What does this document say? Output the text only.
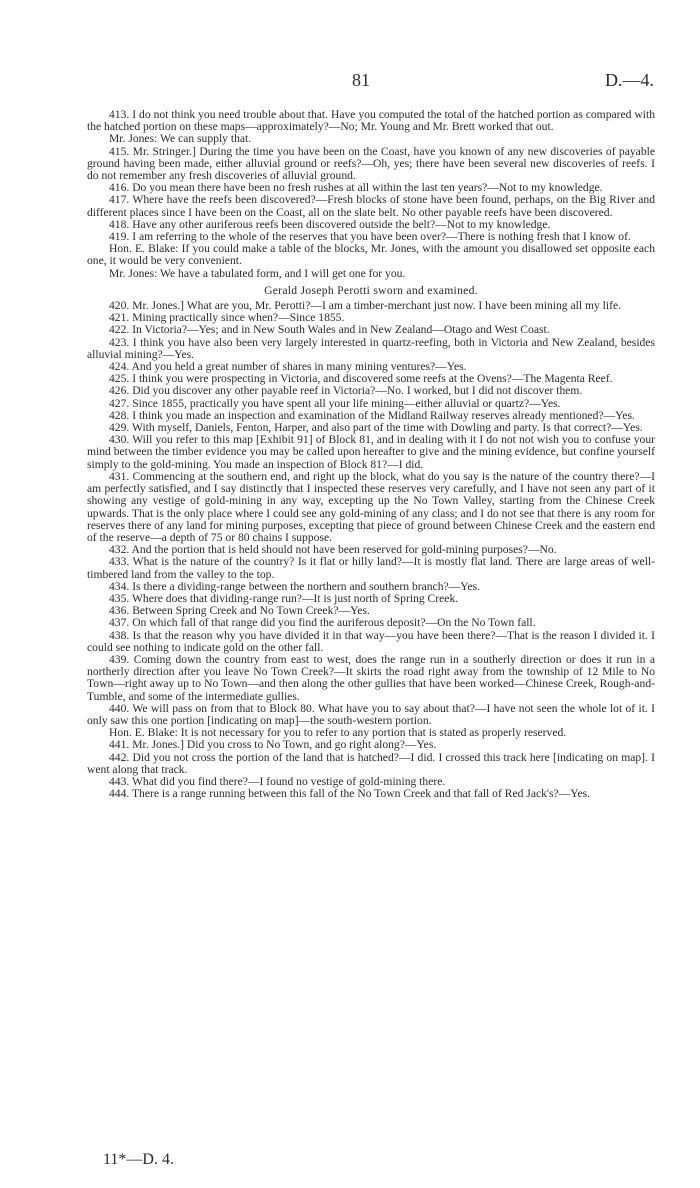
81	D.—4.

413. I do not think you need trouble about that. Have you computed the total of the hatched portion as compared with the hatched portion on these maps—approximately?—No; Mr. Young and Mr. Brett worked that out.

Mr. Jones: We can supply that.

415. Mr. Stringer.] During the time you have been on the Coast, have you known of any new discoveries of payable ground having been made, either alluvial ground or reefs?—Oh, yes; there have been several new discoveries of reefs. I do not remember any fresh discoveries of alluvial ground.

416. Do you mean there have been no fresh rushes at all within the last ten years?—Not to my knowledge.

417. Where have the reefs been discovered?—Fresh blocks of stone have been found, perhaps, on the Big River and different places since I have been on the Coast, all on the slate belt. No other payable reefs have been discovered.

418. Have any other auriferous reefs been discovered outside the belt?—Not to my knowledge.

419. I am referring to the whole of the reserves that you have been over?—There is nothing fresh that I know of.

Hon. E. Blake: If you could make a table of the blocks, Mr. Jones, with the amount you disallowed set opposite each one, it would be very convenient.

Mr. Jones: We have a tabulated form, and I will get one for you.

Gerald Joseph Perotti sworn and examined.

420. Mr. Jones.] What are you, Mr. Perotti?—I am a timber-merchant just now. I have been mining all my life.

421. Mining practically since when?—Since 1855.

422. In Victoria?—Yes; and in New South Wales and in New Zealand—Otago and West Coast.

423. I think you have also been very largely interested in quartz-reefing, both in Victoria and New Zealand, besides alluvial mining?—Yes.

424. And you held a great number of shares in many mining ventures?—Yes.

425. I think you were prospecting in Victoria, and discovered some reefs at the Ovens?—The Magenta Reef.

426. Did you discover any other payable reef in Victoria?—No. I worked, but I did not discover them.

427. Since 1855, practically you have spent all your life mining—either alluvial or quartz?—Yes.

428. I think you made an inspection and examination of the Midland Railway reserves already mentioned?—Yes.

429. With myself, Daniels, Fenton, Harper, and also part of the time with Dowling and party. Is that correct?—Yes.

430. Will you refer to this map [Exhibit 91] of Block 81, and in dealing with it I do not not wish you to confuse your mind between the timber evidence you may be called upon hereafter to give and the mining evidence, but confine yourself simply to the gold-mining. You made an inspection of Block 81?—I did.

431. Commencing at the southern end, and right up the block, what do you say is the nature of the country there?—I am perfectly satisfied, and I say distinctly that I inspected these reserves very carefully, and I have not seen any part of it showing any vestige of gold-mining in any way, excepting up the No Town Valley, starting from the Chinese Creek upwards. That is the only place where I could see any gold-mining of any class; and I do not see that there is any room for reserves there of any land for mining purposes, excepting that piece of ground between Chinese Creek and the eastern end of the reserve—a depth of 75 or 80 chains I suppose.

432. And the portion that is held should not have been reserved for gold-mining purposes?—No.

433. What is the nature of the country? Is it flat or hilly land?—It is mostly flat land. There are large areas of well-timbered land from the valley to the top.

434. Is there a dividing-range between the northern and southern branch?—Yes.

435. Where does that dividing-range run?—It is just north of Spring Creek.

436. Between Spring Creek and No Town Creek?—Yes.

437. On which fall of that range did you find the auriferous deposit?—On the No Town fall.

438. Is that the reason why you have divided it in that way—you have been there?—That is the reason I divided it. I could see nothing to indicate gold on the other fall.

439. Coming down the country from east to west, does the range run in a southerly direction or does it run in a northerly direction after you leave No Town Creek?—It skirts the road right away from the township of 12 Mile to No Town—right away up to No Town—and then along the other gullies that have been worked—Chinese Creek, Rough-and-Tumble, and some of the intermediate gullies.

440. We will pass on from that to Block 80. What have you to say about that?—I have not seen the whole lot of it. I only saw this one portion [indicating on map]—the south-western portion.

Hon. E. Blake: It is not necessary for you to refer to any portion that is stated as properly reserved.

441. Mr. Jones.] Did you cross to No Town, and go right along?—Yes.

442. Did you not cross the portion of the land that is hatched?—I did. I crossed this track here [indicating on map]. I went along that track.

443. What did you find there?—I found no vestige of gold-mining there.

444. There is a range running between this fall of the No Town Creek and that fall of Red Jack's?—Yes.

11*—D. 4.
